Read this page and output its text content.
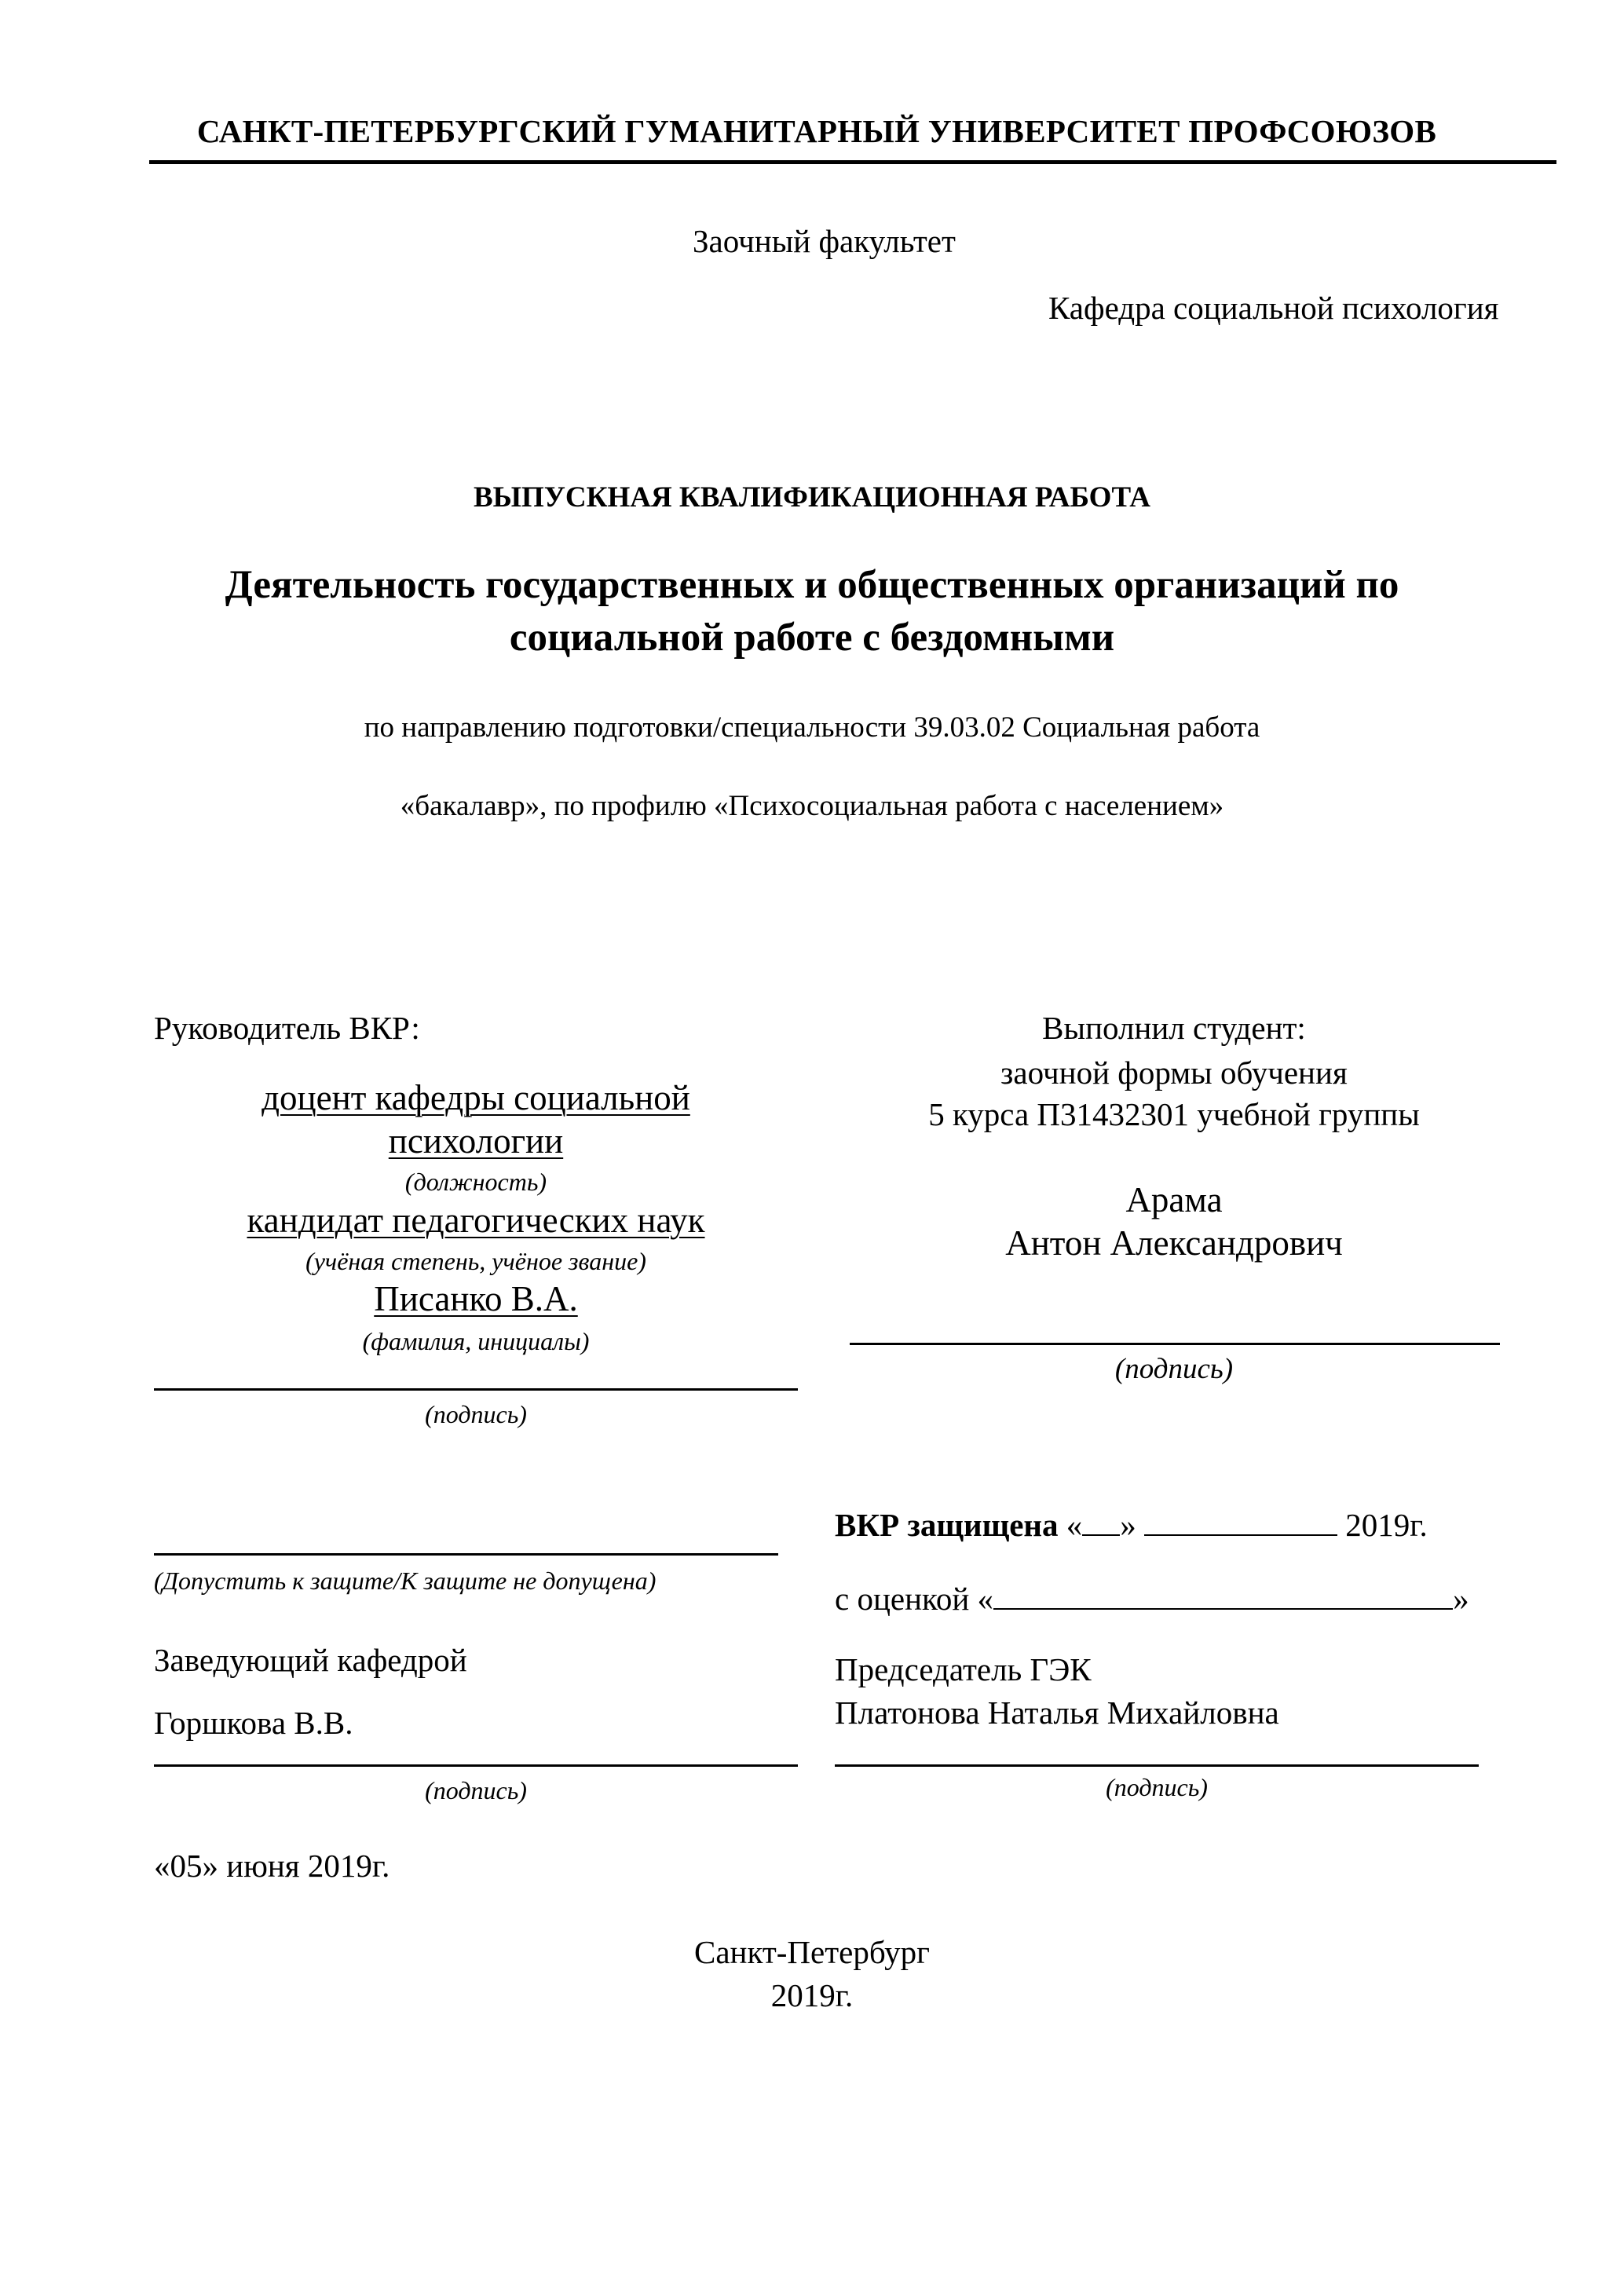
САНКТ-ПЕТЕРБУРГСКИЙ ГУМАНИТАРНЫЙ УНИВЕРСИТЕТ ПРОФСОЮЗОВ
Заочный факультет
Кафедра социальной психология
ВЫПУСКНАЯ КВАЛИФИКАЦИОННАЯ РАБОТА
Деятельность государственных и общественных организаций по
социальной работе с бездомными
по направлению подготовки/специальности 39.03.02 Социальная работа
«бакалавр», по профилю «Психосоциальная работа с населением»
Руководитель ВКР:
доцент кафедры социальной
психологии
(должность)
кандидат педагогических наук
(учёная степень, учёное звание)
Писанко В.А.
(фамилия, инициалы)
(подпись)
Выполнил студент:
заочной формы обучения
5 курса П31432301 учебной группы
Арама
Антон Александрович
(подпись)
(Допустить к защите/К защите не допущена)
Заведующий кафедрой
Горшкова В.В.
(подпись)
«05» июня 2019г.
ВКР защищена « »	2019г.
с оценкой «	»
Председатель ГЭК
Платонова Наталья Михайловна
(подпись)
Санкт-Петербург
2019г.
